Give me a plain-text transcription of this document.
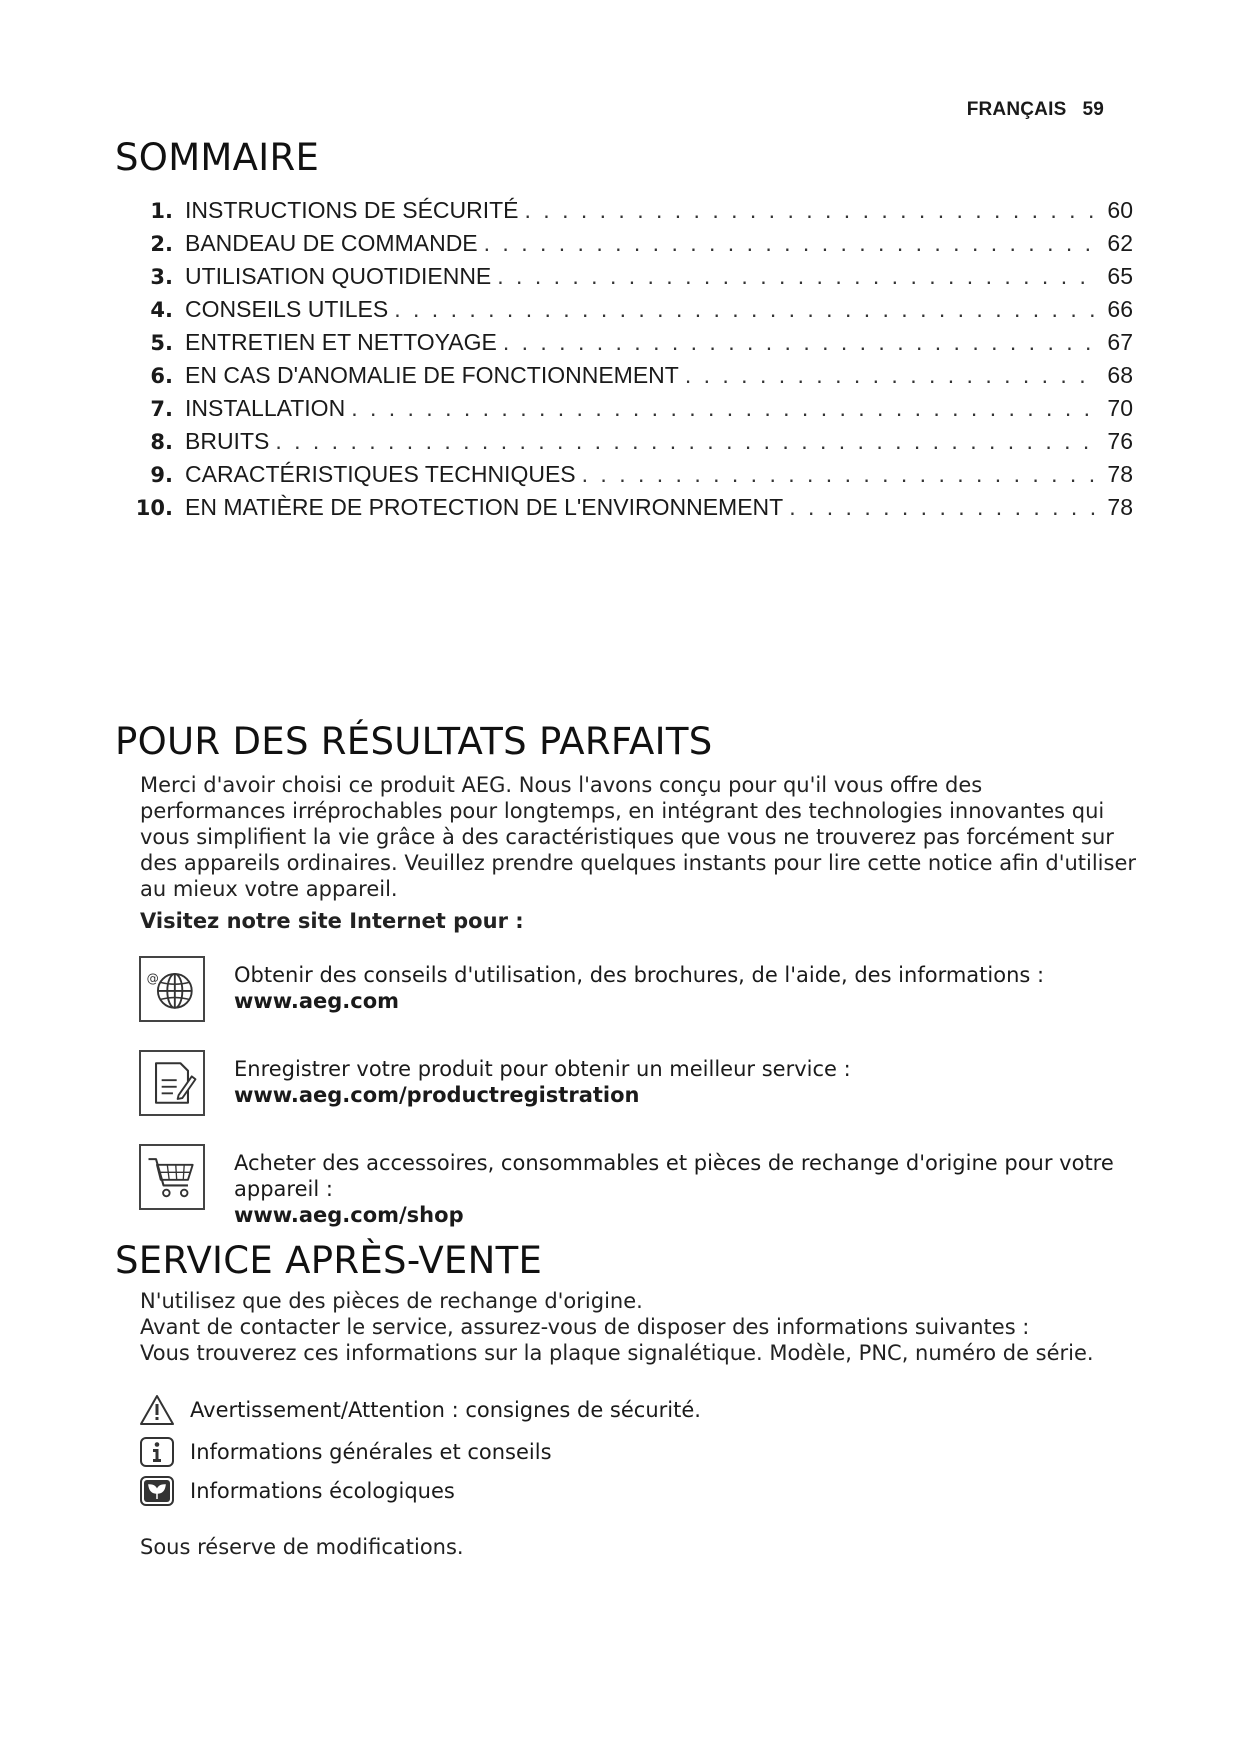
FRANÇAIS 59
SOMMAIRE
1. INSTRUCTIONS DE SÉCURITÉ . . .	60
2. BANDEAU DE COMMANDE . . .	62
3. UTILISATION QUOTIDIENNE . . .	65
4. CONSEILS UTILES . . .	66
5. ENTRETIEN ET NETTOYAGE . . .	67
6. EN CAS D'ANOMALIE DE FONCTIONNEMENT . . .	68
7. INSTALLATION . . .	70
8. BRUITS . . .	76
9. CARACTÉRISTIQUES TECHNIQUES . . .	78
10. EN MATIÈRE DE PROTECTION DE L'ENVIRONNEMENT . . .	78
POUR DES RÉSULTATS PARFAITS

Merci d'avoir choisi ce produit AEG. Nous l'avons conçu pour qu'il vous offre des

performances irréprochables pour longtemps, en intégrant des technologies innovantes qui

vous simplifient la vie grâce à des caractéristiques que vous ne trouverez pas forcément sur

des appareils ordinaires. Veuillez prendre quelques instants pour lire cette notice afin d'utiliser

au mieux votre appareil.

Visitez notre site Internet pour :

@	Obtenir des conseils d'utilisation, des brochures, de l'aide, des informations :
www.aeg.com
Enregistrer votre produit pour obtenir un meilleur service :
www.aeg.com/productregistration
Acheter des accessoires, consommables et pièces de rechange d'origine pour votre
appareil :
www.aeg.com/shop
SERVICE APRÈS-VENTE

N'utilisez que des pièces de rechange d'origine.

Avant de contacter le service, assurez-vous de disposer des informations suivantes :

Vous trouverez ces informations sur la plaque signalétique. Modèle, PNC, numéro de série.

Avertissement/Attention : consignes de sécurité.
Informations générales et conseils
Informations écologiques
Sous réserve de modifications.
